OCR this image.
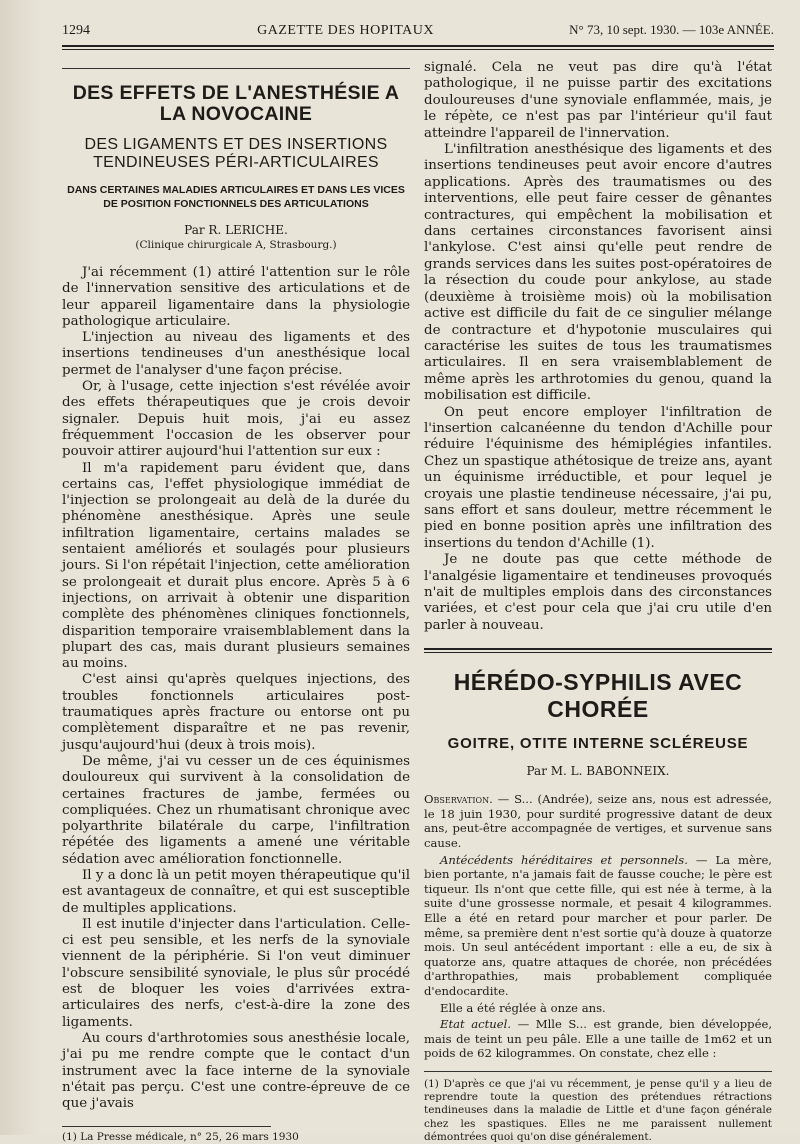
1294	GAZETTE DES HOPITAUX	N° 73, 10 sept. 1930. — 103e ANNÉE.
DES EFFETS DE L'ANESTHÉSIE A LA NOVOCAINE
DES LIGAMENTS ET DES INSERTIONS TENDINEUSES PÉRI-ARTICULAIRES
DANS CERTAINES MALADIES ARTICULAIRES ET DANS LES VICES DE POSITION FONCTIONNELS DES ARTICULATIONS

Par R. LERICHE.

(Clinique chirurgicale A, Strasbourg.)

J'ai récemment (1) attiré l'attention sur le rôle de l'innervation sensitive des articulations et de leur appareil ligamentaire dans la physiologie pathologique articulaire.

L'injection au niveau des ligaments et des insertions tendineuses d'un anesthésique local permet de l'analyser d'une façon précise.

Or, à l'usage, cette injection s'est révélée avoir des effets thérapeutiques que je crois devoir signaler. Depuis huit mois, j'ai eu assez fréquemment l'occasion de les observer pour pouvoir attirer aujourd'hui l'attention sur eux :

Il m'a rapidement paru évident que, dans certains cas, l'effet physiologique immédiat de l'injection se prolongeait au delà de la durée du phénomène anesthésique. Après une seule infiltration ligamentaire, certains malades se sentaient améliorés et soulagés pour plusieurs jours. Si l'on répétait l'injection, cette amélioration se prolongeait et durait plus encore. Après 5 à 6 injections, on arrivait à obtenir une disparition complète des phénomènes cliniques fonctionnels, disparition temporaire vraisemblablement dans la plupart des cas, mais durant plusieurs semaines au moins.

C'est ainsi qu'après quelques injections, des troubles fonctionnels articulaires post-traumatiques après fracture ou entorse ont pu complètement disparaître et ne pas revenir, jusqu'aujourd'hui (deux à trois mois).

De même, j'ai vu cesser un de ces équinismes douloureux qui survivent à la consolidation de certaines fractures de jambe, fermées ou compliquées. Chez un rhumatisant chronique avec polyarthrite bilatérale du carpe, l'infiltration répétée des ligaments a amené une véritable sédation avec amélioration fonctionnelle.

Il y a donc là un petit moyen thérapeutique qu'il est avantageux de connaître, et qui est susceptible de multiples applications.

Il est inutile d'injecter dans l'articulation. Celle-ci est peu sensible, et les nerfs de la synoviale viennent de la périphérie. Si l'on veut diminuer l'obscure sensibilité synoviale, le plus sûr procédé est de bloquer les voies d'arrivées extra-articulaires des nerfs, c'est-à-dire la zone des ligaments.

Au cours d'arthrotomies sous anesthésie locale, j'ai pu me rendre compte que le contact d'un instrument avec la face interne de la synoviale n'était pas perçu. C'est une contre-épreuve de ce que j'avais

(1) La Presse médicale, n° 25, 26 mars 1930

signalé. Cela ne veut pas dire qu'à l'état pathologique, il ne puisse partir des excitations douloureuses d'une synoviale enflammée, mais, je le répète, ce n'est pas par l'intérieur qu'il faut atteindre l'appareil de l'innervation.

L'infiltration anesthésique des ligaments et des insertions tendineuses peut avoir encore d'autres applications. Après des traumatismes ou des interventions, elle peut faire cesser de gênantes contractures, qui empêchent la mobilisation et dans certaines circonstances favorisent ainsi l'ankylose. C'est ainsi qu'elle peut rendre de grands services dans les suites post-opératoires de la résection du coude pour ankylose, au stade (deuxième à troisième mois) où la mobilisation active est difficile du fait de ce singulier mélange de contracture et d'hypotonie musculaires qui caractérise les suites de tous les traumatismes articulaires. Il en sera vraisemblablement de même après les arthrotomies du genou, quand la mobilisation est difficile.

On peut encore employer l'infiltration de l'insertion calcanéenne du tendon d'Achille pour réduire l'équinisme des hémiplégies infantiles. Chez un spastique athétosique de treize ans, ayant un équinisme irréductible, et pour lequel je croyais une plastie tendineuse nécessaire, j'ai pu, sans effort et sans douleur, mettre récemment le pied en bonne position après une infiltration des insertions du tendon d'Achille (1).

Je ne doute pas que cette méthode de l'analgésie ligamentaire et tendineuses provoqués n'ait de multiples emplois dans des circonstances variées, et c'est pour cela que j'ai cru utile d'en parler à nouveau.

HÉRÉDO-SYPHILIS AVEC CHORÉE
GOITRE, OTITE INTERNE SCLÉREUSE

Par M. L. BABONNEIX.

Observation. — S... (Andrée), seize ans, nous est adressée, le 18 juin 1930, pour surdité progressive datant de deux ans, peut-être accompagnée de vertiges, et survenue sans cause.

Antécédents héréditaires et personnels. — La mère, bien portante, n'a jamais fait de fausse couche; le père est tiqueur. Ils n'ont que cette fille, qui est née à terme, à la suite d'une grossesse normale, et pesait 4 kilogrammes. Elle a été en retard pour marcher et pour parler. De même, sa première dent n'est sortie qu'à douze à quatorze mois. Un seul antécédent important : elle a eu, de six à quatorze ans, quatre attaques de chorée, non précédées d'arthropathies, mais probablement compliquée d'endocardite.

Elle a été réglée à onze ans.

Etat actuel. — Mlle S... est grande, bien développée, mais de teint un peu pâle. Elle a une taille de 1m62 et un poids de 62 kilogrammes. On constate, chez elle :

(1) D'après ce que j'ai vu récemment, je pense qu'il y a lieu de reprendre toute la question des prétendues rétractions tendineuses dans la maladie de Little et d'une façon générale chez les spastiques. Elles ne me paraissent nullement démontrées quoi qu'on dise généralement.
